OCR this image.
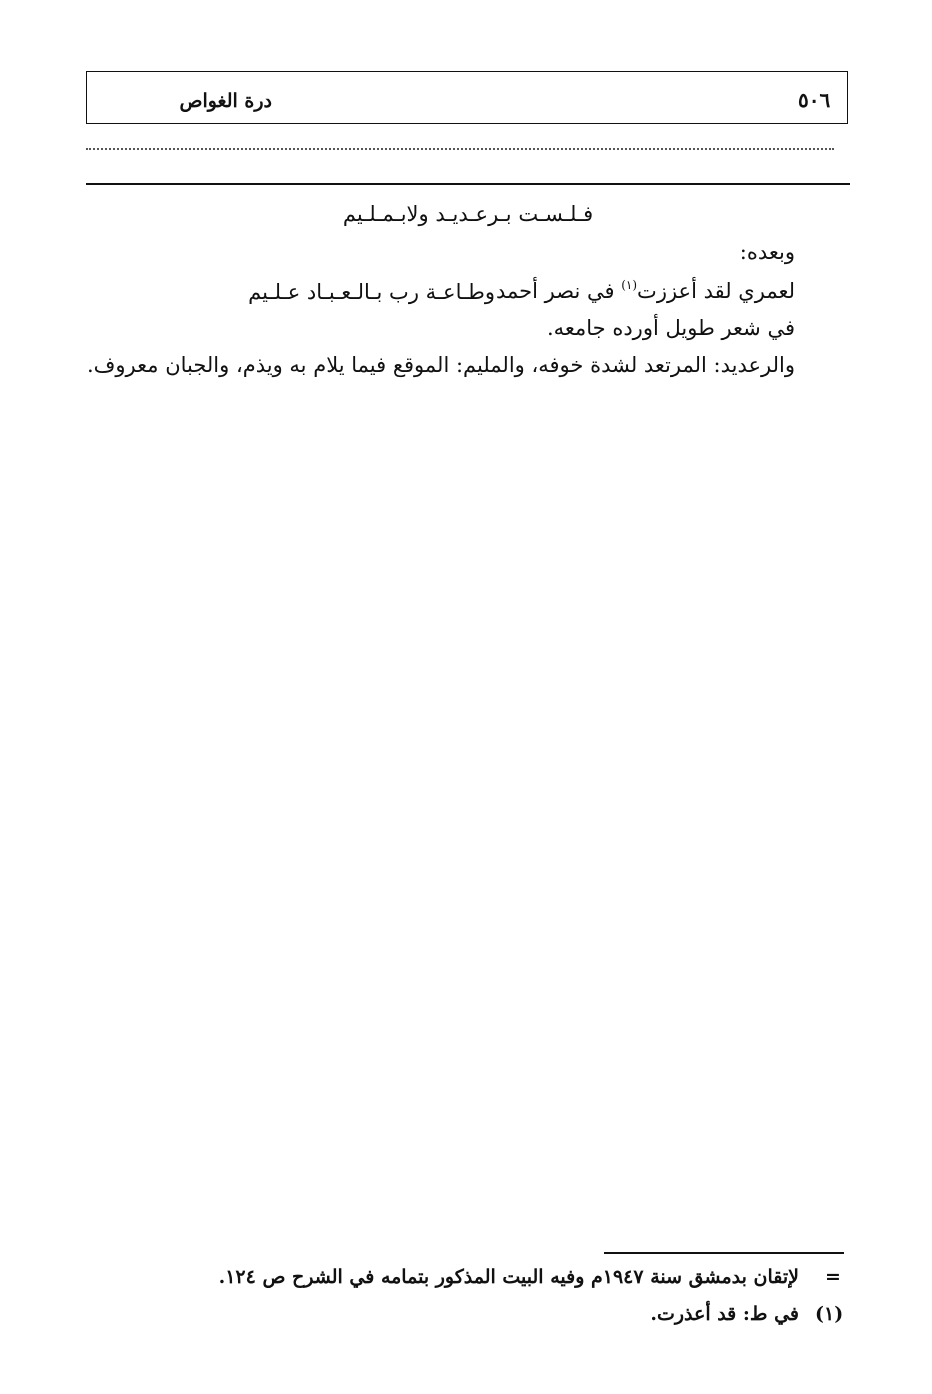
درة الغواص	٥٠٦
فـلـسـت بـرعـديـد ولابـمـلـيم
وبعده:
لعمري لقد أعززت$^{(١)}$ في نصر أحمد
وطـاعـة رب بـالـعـبـاد عـلـيم
في شعر طويل أورده جامعه.
والرعديد: المرتعد لشدة خوفه، والمليم: الموقع فيما يلام به ويذم، والجبان معروف.
=
لإتقان بدمشق سنة ١٩٤٧م وفيه البيت المذكور بتمامه في الشرح ص ١٢٤.
(١)
في ط: قد أعذرت.
